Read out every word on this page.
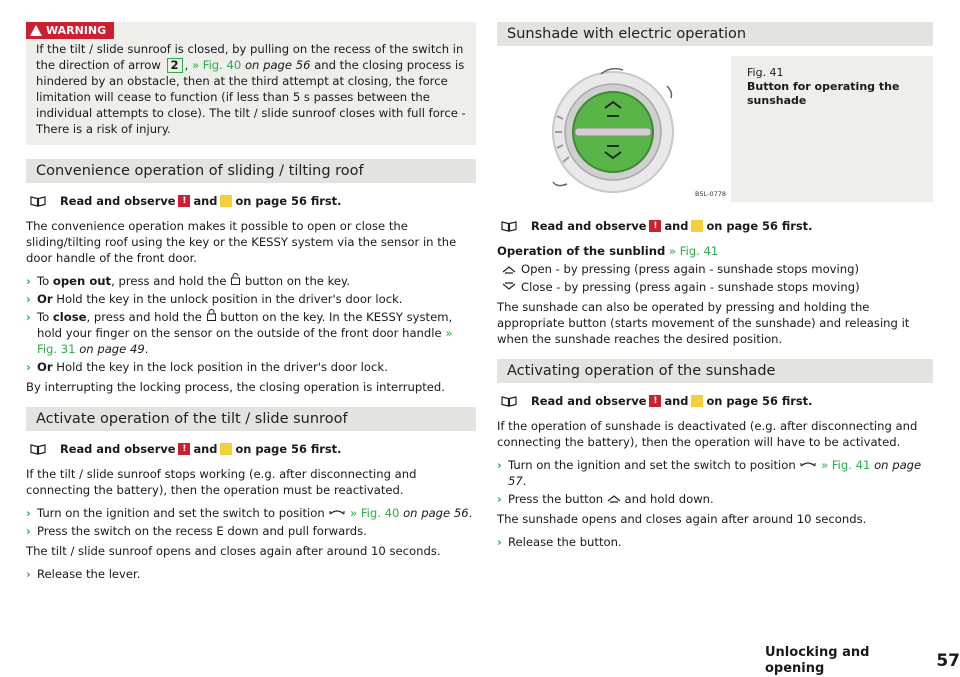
WARNING
If the tilt / slide sunroof is closed, by pulling on the recess of the switch in the direction of arrow 2 , » Fig. 40 on page 56 and the closing process is hindered by an obstacle, then at the third attempt at closing, the force limitation will cease to function (if less than 5 s passes between the individual attempts to close). The tilt / slide sunroof closes with full force - There is a risk of injury.
Convenience operation of sliding / tilting roof
Read and observe ! and on page 56 first.

The convenience operation makes it possible to open or close the sliding/tilting roof using the key or the KESSY system via the sensor in the door handle of the front door.

› To open out, press and hold the button on the key.
› Or Hold the key in the unlock position in the driver's door lock.
› To close, press and hold the button on the key. In the KESSY system, hold your finger on the sensor on the outside of the front door handle » Fig. 31 on page 49.
› Or Hold the key in the lock position in the driver's door lock.

By interrupting the locking process, the closing operation is interrupted.

Activate operation of the tilt / slide sunroof
Read and observe ! and on page 56 first.

If the tilt / slide sunroof stops working (e.g. after disconnecting and connecting the battery), then the operation must be reactivated.

› Turn on the ignition and set the switch to position » Fig. 40 on page 56.
› Press the switch on the recess E down and pull forwards.

The tilt / slide sunroof opens and closes again after around 10 seconds.

› Release the lever.
Sunshade with electric operation
B5L-0778
Fig. 41
Button for operating the sunshade
Read and observe ! and on page 56 first.
Operation of the sunblind » Fig. 41
Open - by pressing (press again - sunshade stops moving)
Close - by pressing (press again - sunshade stops moving)

The sunshade can also be operated by pressing and holding the appropriate button (starts movement of the sunshade) and releasing it when the sunshade reaches the desired position.

Activating operation of the sunshade
Read and observe ! and on page 56 first.

If the operation of sunshade is deactivated (e.g. after disconnecting and connecting the battery), then the operation will have to be activated.

› Turn on the ignition and set the switch to position » Fig. 41 on page 57.
› Press the button and hold down.

The sunshade opens and closes again after around 10 seconds.

› Release the button.
Unlocking and opening	57
